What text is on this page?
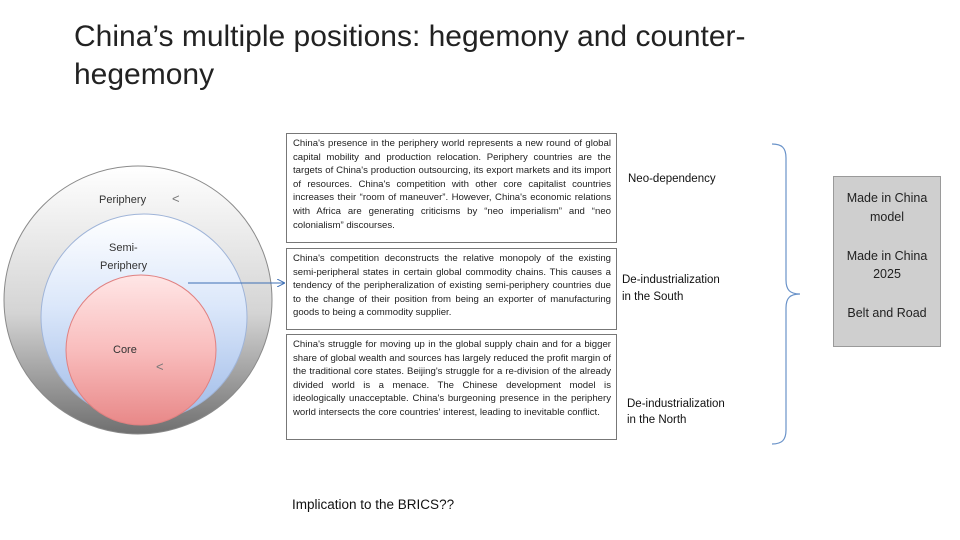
China’s multiple positions: hegemony and counter-hegemony
Periphery <
Semi-
Periphery
Core
<
China's presence in the periphery world represents a new round of global capital mobility and production relocation. Periphery countries are the targets of China's production outsourcing, its export markets and its import of resources. China's competition with other core capitalist countries increases their “room of maneuver”. However, China's economic relations with Africa are generating criticisms by “neo imperialism” and “neo colonialism” discourses.
China's competition deconstructs the relative monopoly of the existing semi-peripheral states in certain global commodity chains. This causes a tendency of the peripheralization of existing semi-periphery countries due to the change of their position from being an exporter of manufacturing goods to being a commodity supplier.
China's struggle for moving up in the global supply chain and for a bigger share of global wealth and sources has largely reduced the profit margin of the traditional core states. Beijing's struggle for a re-division of the already divided world is a menace. The Chinese development model is ideologically unacceptable. China's burgeoning presence in the periphery world intersects the core countries' interest, leading to inevitable conflict.
Neo-dependency
De-industrialization
in the South
De-industrialization
in the North
Made in China
model
Made in China
2025
Belt and Road
Implication to the BRICS??
